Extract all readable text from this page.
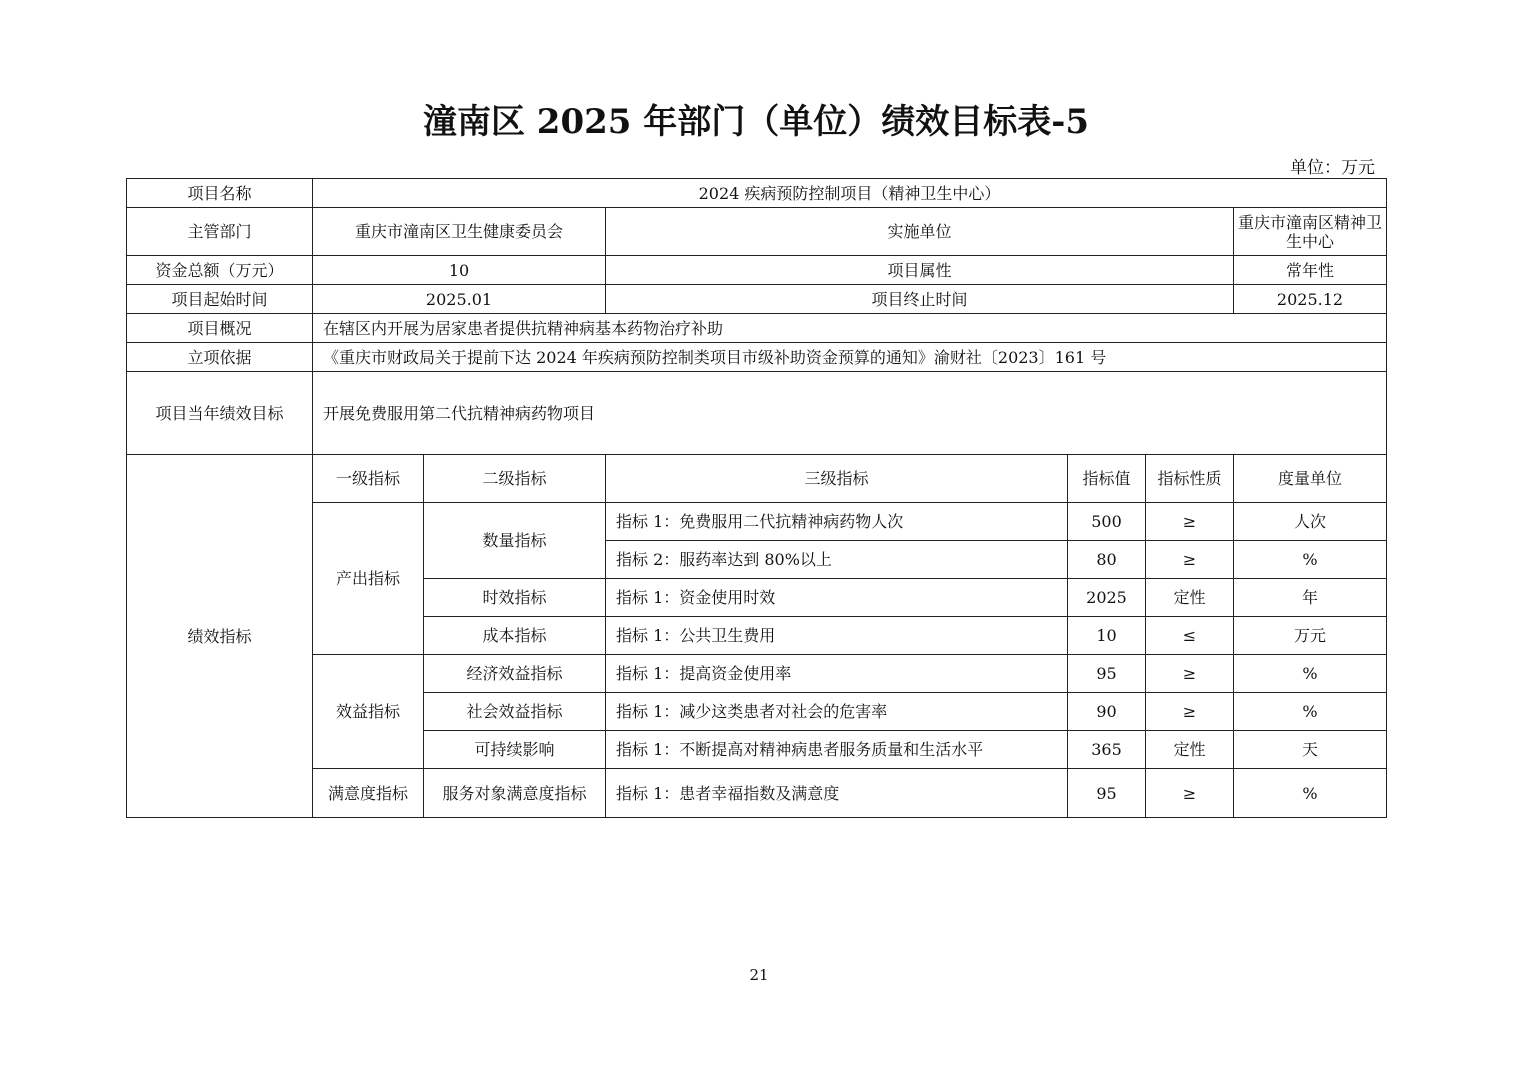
潼南区 2025 年部门（单位）绩效目标表-5
单位：万元
项目名称	2024 疾病预防控制项目（精神卫生中心）					
主管部门	重庆市潼南区卫生健康委员会		实施单位			重庆市潼南区精神卫生中心
资金总额（万元）	10		项目属性			常年性
项目起始时间	2025.01		项目终止时间			2025.12
项目概况	在辖区内开展为居家患者提供抗精神病基本药物治疗补助					
立项依据	《重庆市财政局关于提前下达 2024 年疾病预防控制类项目市级补助资金预算的通知》渝财社〔2023〕161 号					
项目当年绩效目标	开展免费服用第二代抗精神病药物项目					
绩效指标	一级指标	二级指标	三级指标	指标值	指标性质	度量单位
	产出指标	数量指标	指标 1：免费服用二代抗精神病药物人次	500	≥	人次
			指标 2：服药率达到 80%以上	80	≥	%
		时效指标	指标 1：资金使用时效	2025	定性	年
		成本指标	指标 1：公共卫生费用	10	≤	万元
	效益指标	经济效益指标	指标 1：提高资金使用率	95	≥	%
		社会效益指标	指标 1：减少这类患者对社会的危害率	90	≥	%
		可持续影响	指标 1：不断提高对精神病患者服务质量和生活水平	365	定性	天
	满意度指标	服务对象满意度指标	指标 1：患者幸福指数及满意度	95	≥	%
21
